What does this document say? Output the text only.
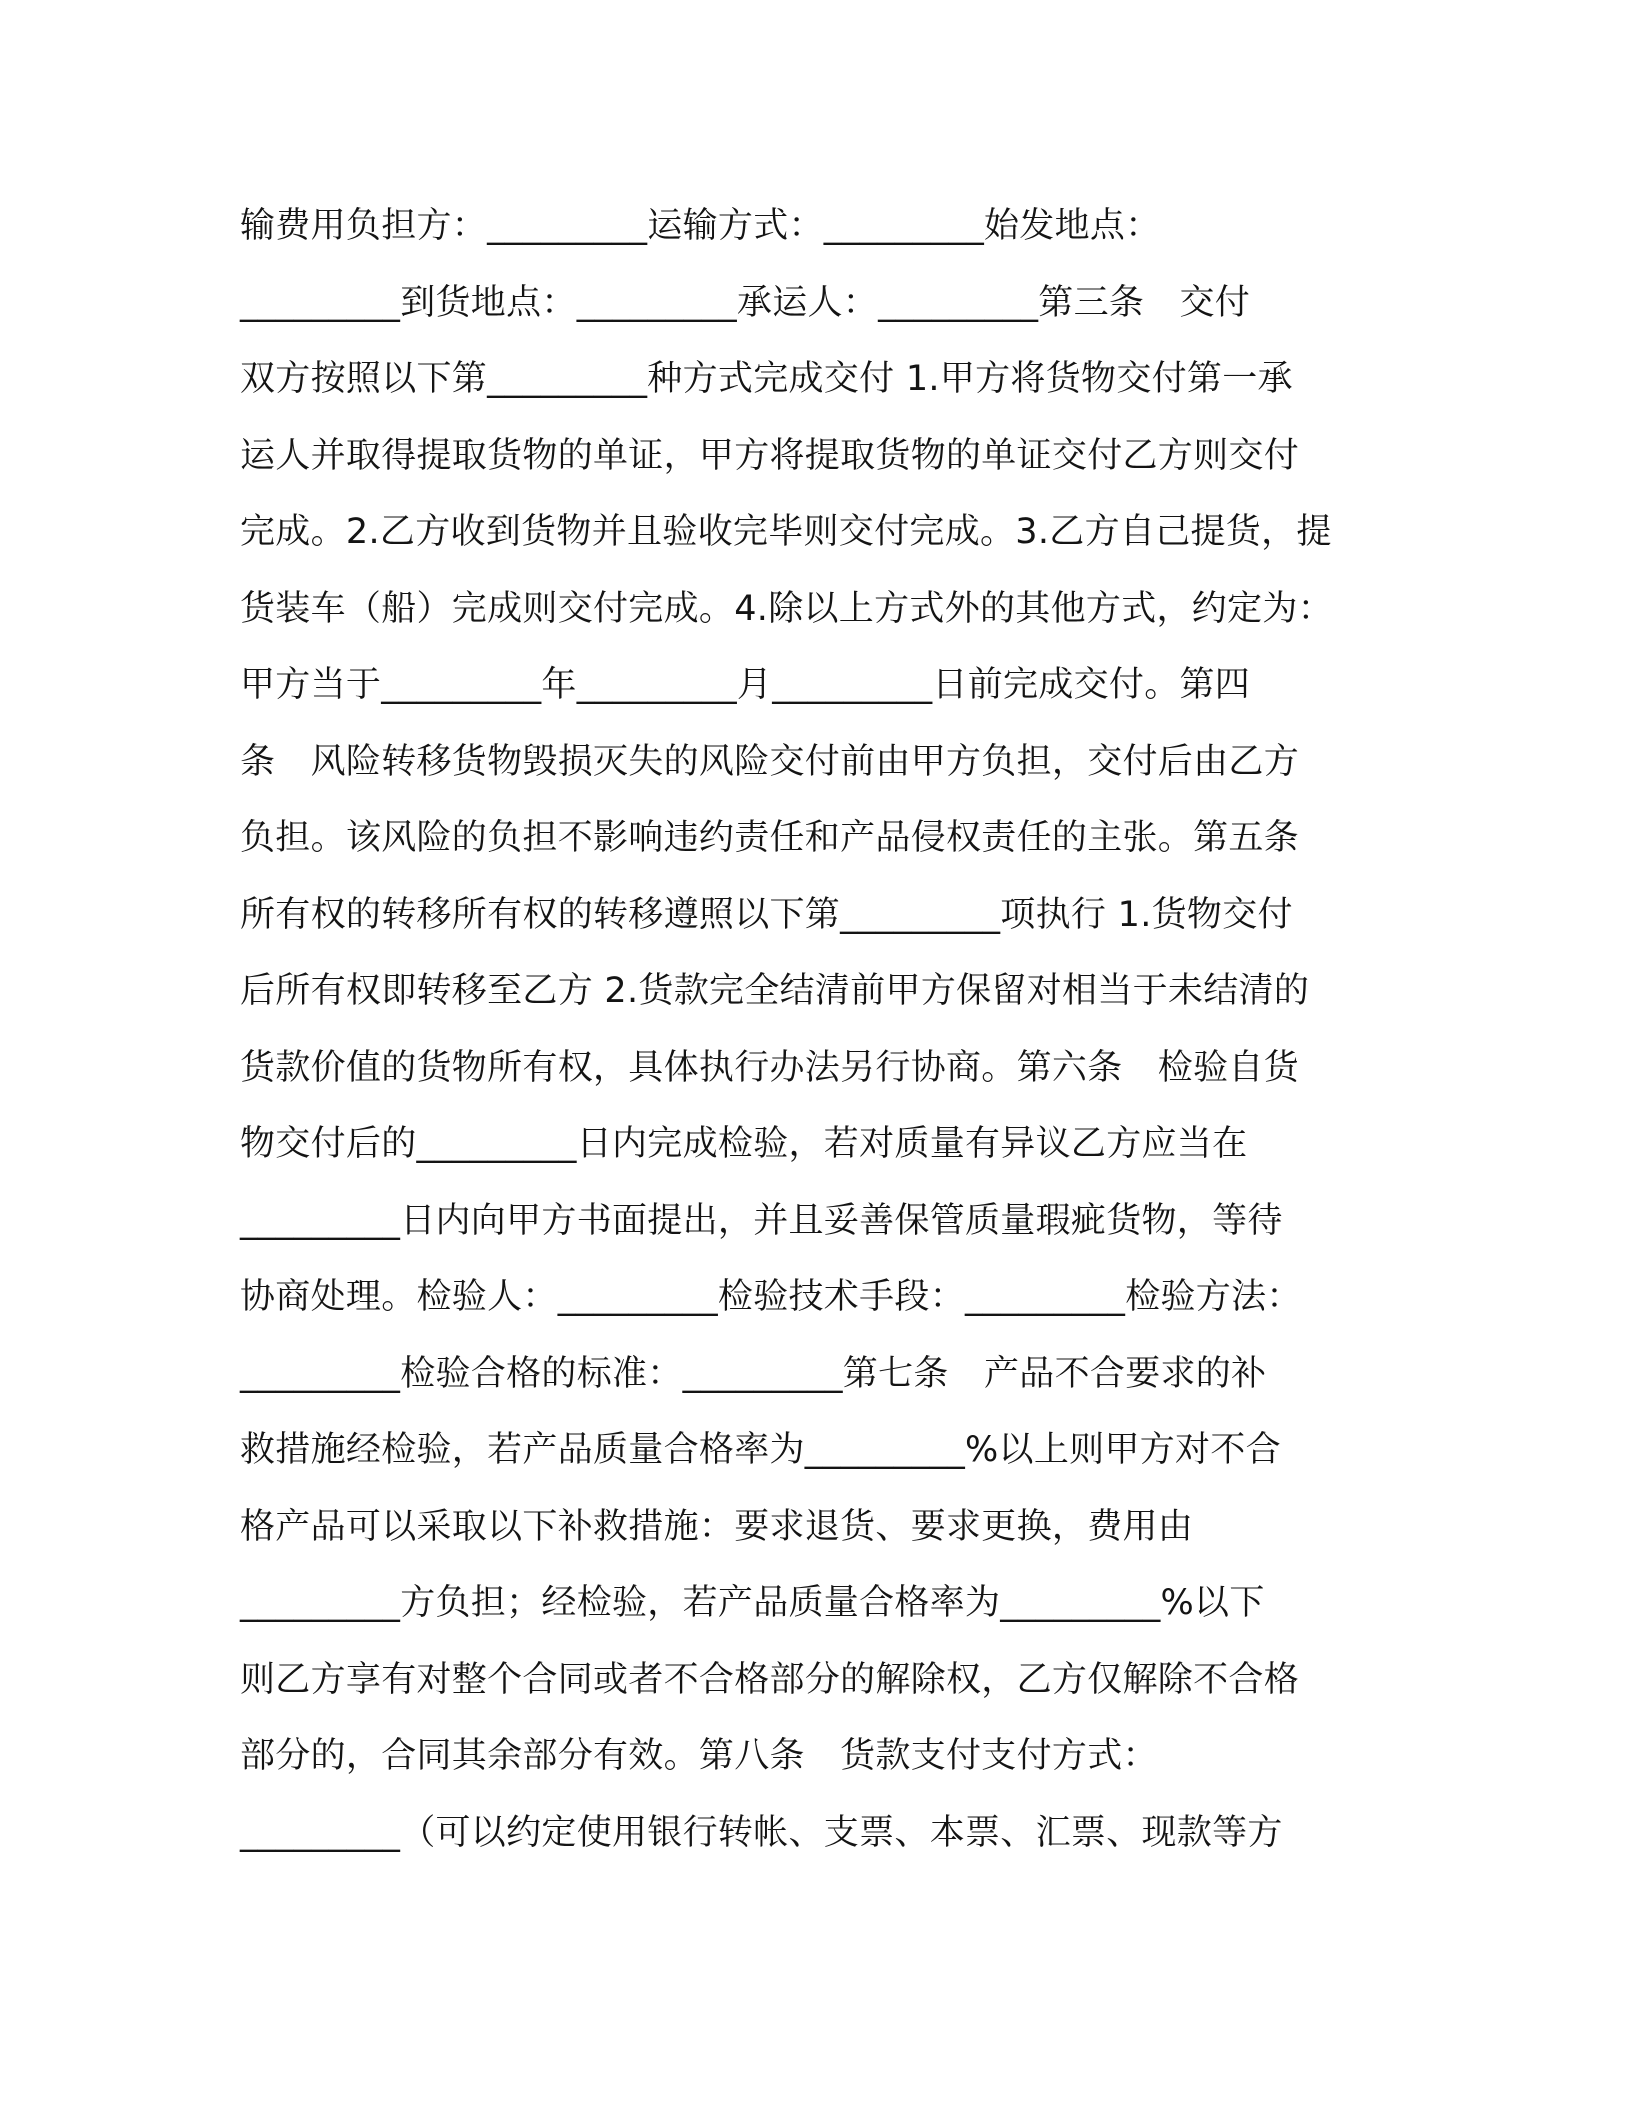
输费用负担方：_________运输方式：_________始发地点：
_________到货地点：_________承运人：_________第三条　交付
双方按照以下第_________种方式完成交付 1.甲方将货物交付第一承
运人并取得提取货物的单证，甲方将提取货物的单证交付乙方则交付
完成。2.乙方收到货物并且验收完毕则交付完成。3.乙方自己提货，提
货装车（船）完成则交付完成。4.除以上方式外的其他方式，约定为：
甲方当于_________年_________月_________日前完成交付。第四
条　风险转移货物毁损灭失的风险交付前由甲方负担，交付后由乙方
负担。该风险的负担不影响违约责任和产品侵权责任的主张。第五条
所有权的转移所有权的转移遵照以下第_________项执行 1.货物交付
后所有权即转移至乙方 2.货款完全结清前甲方保留对相当于未结清的
货款价值的货物所有权，具体执行办法另行协商。第六条　检验自货
物交付后的_________日内完成检验，若对质量有异议乙方应当在
_________日内向甲方书面提出，并且妥善保管质量瑕疵货物，等待
协商处理。检验人：_________检验技术手段：_________检验方法：
_________检验合格的标准：_________第七条　产品不合要求的补
救措施经检验，若产品质量合格率为_________%以上则甲方对不合
格产品可以采取以下补救措施：要求退货、要求更换，费用由
_________方负担；经检验，若产品质量合格率为_________%以下
则乙方享有对整个合同或者不合格部分的解除权，乙方仅解除不合格
部分的，合同其余部分有效。第八条　货款支付支付方式：
_________（可以约定使用银行转帐、支票、本票、汇票、现款等方
